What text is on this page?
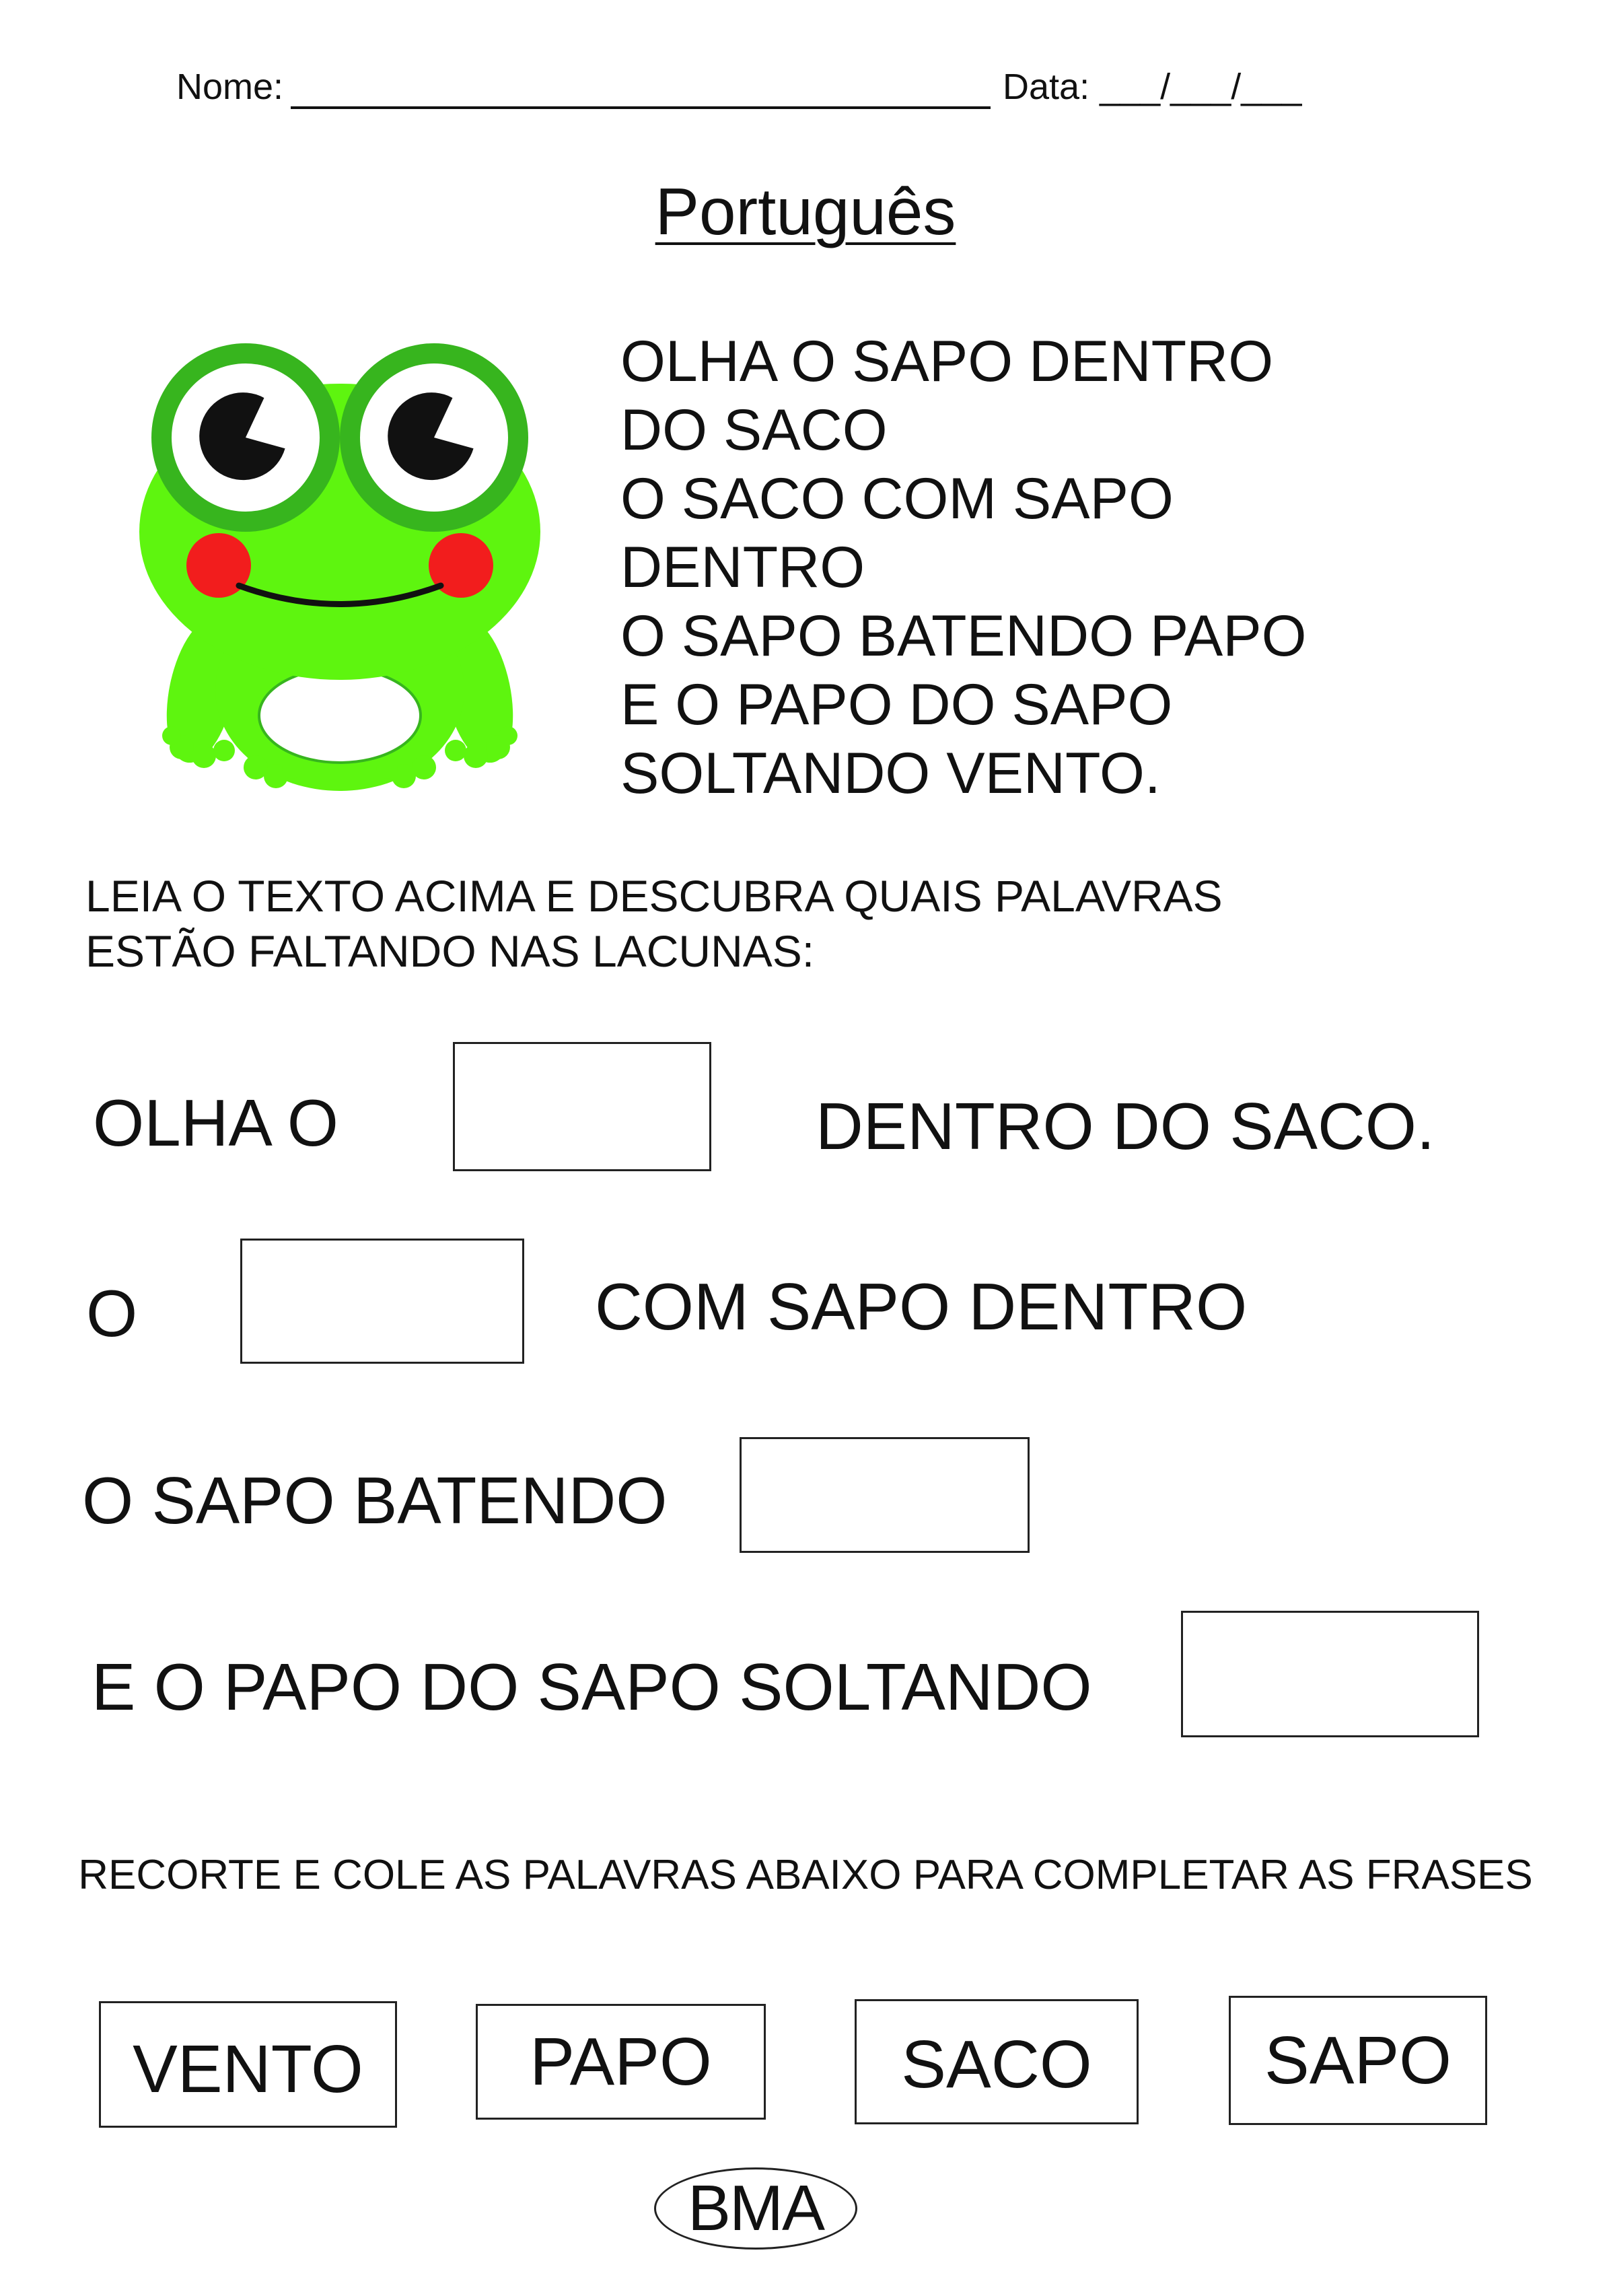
Nome:	Data: ___/___/___
Português
OLHA O SAPO DENTRO
DO SACO
O SACO COM SAPO
DENTRO
O SAPO BATENDO PAPO
E O PAPO DO SAPO
SOLTANDO VENTO.
LEIA O TEXTO ACIMA E DESCUBRA QUAIS PALAVRAS
ESTÃO FALTANDO NAS LACUNAS:
OLHA O	DENTRO DO SACO.
O	COM SAPO DENTRO
O SAPO BATENDO
E O PAPO DO SAPO SOLTANDO
RECORTE E COLE AS PALAVRAS ABAIXO PARA COMPLETAR AS FRASES
VENTO PAPO	SACO	SAPO
BMA
